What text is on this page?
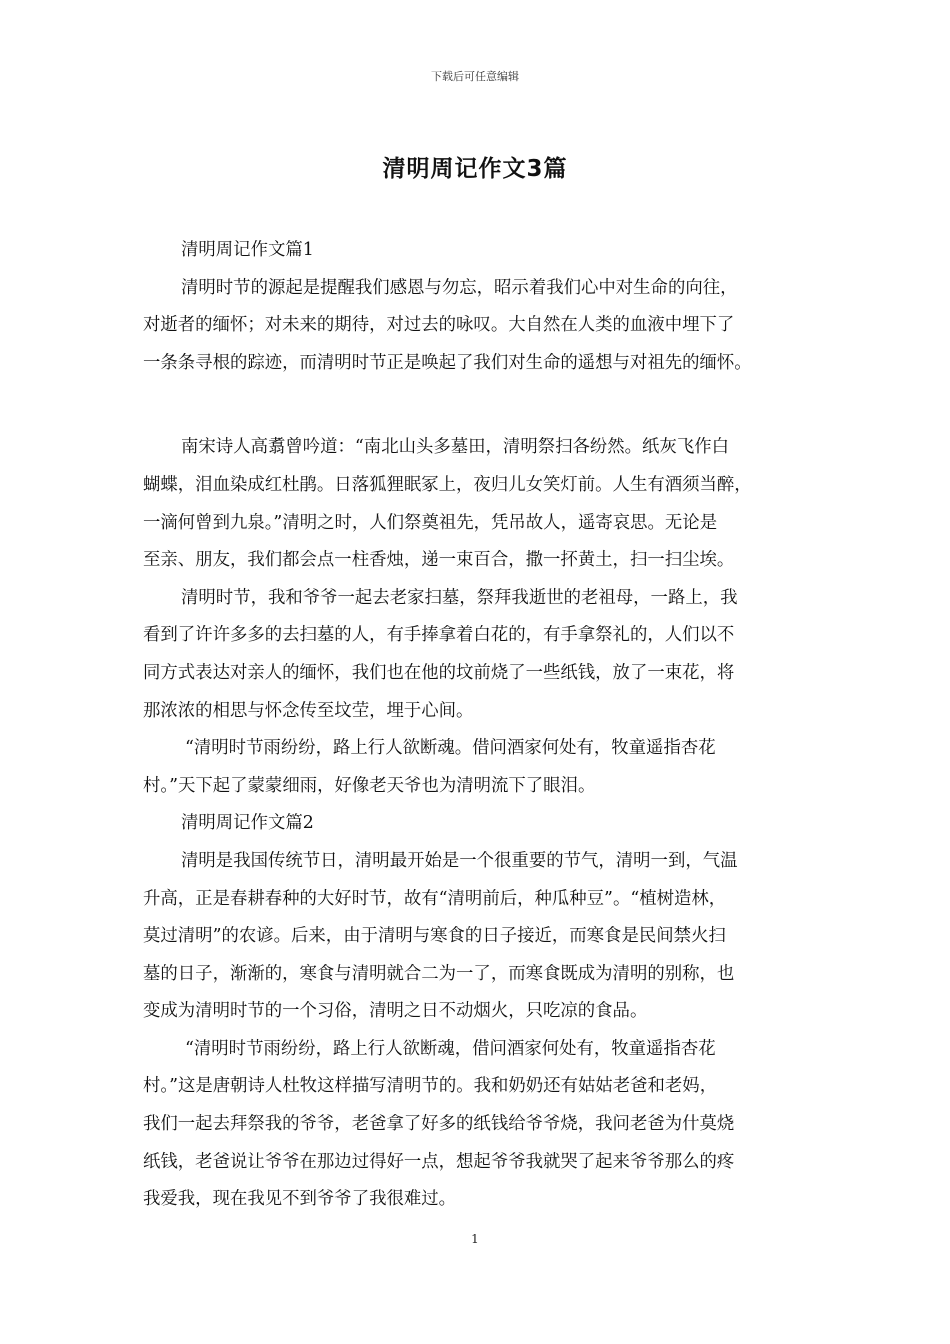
下载后可任意编辑
清明周记作文3篇
清明周记作文篇1
清明时节的源起是提醒我们感恩与勿忘，昭示着我们心中对生命的向往，
对逝者的缅怀；对未来的期待，对过去的咏叹。大自然在人类的血液中埋下了
一条条寻根的踪迹，而清明时节正是唤起了我们对生命的遥想与对祖先的缅怀。
南宋诗人高翥曾吟道：“南北山头多墓田，清明祭扫各纷然。纸灰飞作白
蝴蝶，泪血染成红杜鹃。日落狐狸眠冢上，夜归儿女笑灯前。人生有酒须当醉，
一滴何曾到九泉。”清明之时，人们祭奠祖先，凭吊故人，遥寄哀思。无论是
至亲、朋友，我们都会点一柱香烛，递一束百合，撒一抔黄土，扫一扫尘埃。
清明时节，我和爷爷一起去老家扫墓，祭拜我逝世的老祖母，一路上，我
看到了许许多多的去扫墓的人，有手捧拿着白花的，有手拿祭礼的，人们以不
同方式表达对亲人的缅怀，我们也在他的坟前烧了一些纸钱，放了一束花，将
那浓浓的相思与怀念传至坟茔，埋于心间。
“清明时节雨纷纷，路上行人欲断魂。借问酒家何处有，牧童遥指杏花
村。”天下起了蒙蒙细雨，好像老天爷也为清明流下了眼泪。
清明周记作文篇2
清明是我国传统节日，清明最开始是一个很重要的节气，清明一到，气温
升高，正是春耕春种的大好时节，故有“清明前后，种瓜种豆”。“植树造林，
莫过清明”的农谚。后来，由于清明与寒食的日子接近，而寒食是民间禁火扫
墓的日子，渐渐的，寒食与清明就合二为一了，而寒食既成为清明的别称，也
变成为清明时节的一个习俗，清明之日不动烟火，只吃凉的食品。
“清明时节雨纷纷，路上行人欲断魂，借问酒家何处有，牧童遥指杏花
村。”这是唐朝诗人杜牧这样描写清明节的。我和奶奶还有姑姑老爸和老妈，
我们一起去拜祭我的爷爷，老爸拿了好多的纸钱给爷爷烧，我问老爸为什莫烧
纸钱，老爸说让爷爷在那边过得好一点，想起爷爷我就哭了起来爷爷那么的疼
我爱我，现在我见不到爷爷了我很难过。
1
